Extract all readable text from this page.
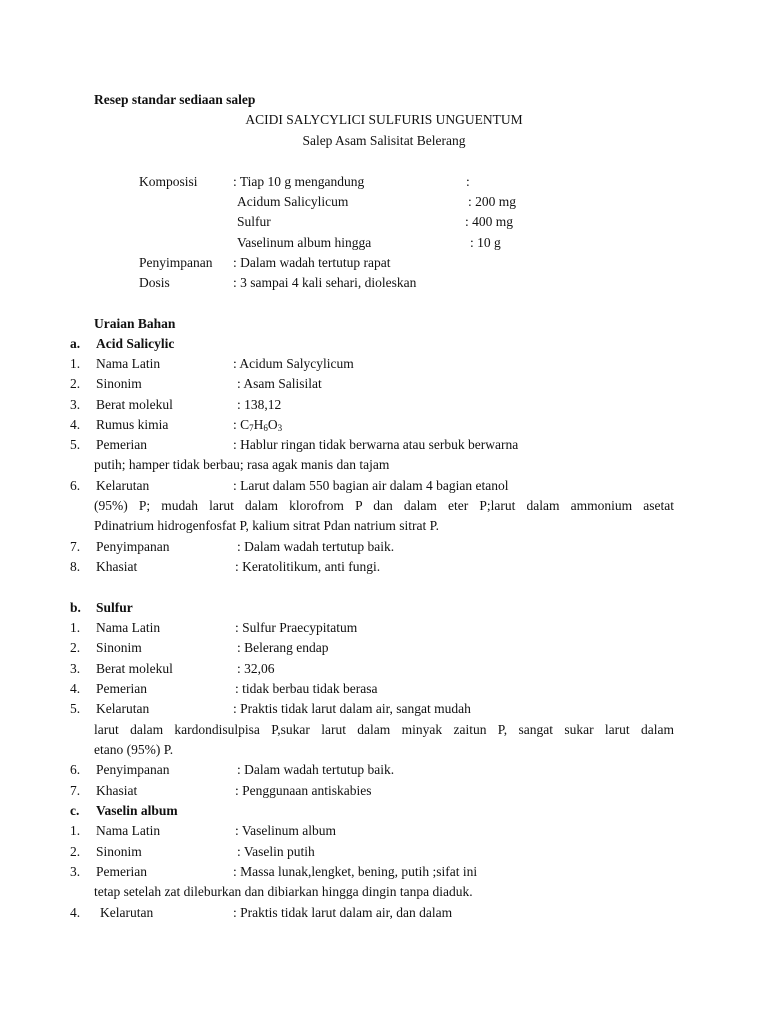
Resep standar sediaan salep
ACIDI SALYCYLICI SULFURIS UNGUENTUM
Salep Asam Salisitat Belerang
Komposisi	: Tiap 10 g mengandung	:
Acidum Salicylicum	: 200 mg
Sulfur	: 400 mg
Vaselinum album hingga	: 10 g
Penyimpanan : Dalam wadah tertutup rapat
Dosis	: 3 sampai 4 kali sehari, dioleskan
Uraian Bahan
a. Acid Salicylic
1. Nama Latin	: Acidum Salycylicum
2. Sinonim	: Asam Salisilat
3. Berat molekul	: 138,12
4. Rumus kimia	: $C_7H_6O_3$
5. Pemerian	: Hablur ringan tidak berwarna atau serbuk berwarna
putih; hamper tidak berbau; rasa agak manis dan tajam
6. Kelarutan	: Larut dalam 550 bagian air dalam 4 bagian etanol
(95%) P; mudah larut dalam klorofrom P dan dalam eter P;larut dalam ammonium asetat
Pdinatrium hidrogenfosfat P, kalium sitrat Pdan natrium sitrat P.
7. Penyimpanan	: Dalam wadah tertutup baik.
8. Khasiat	: Keratolitikum, anti fungi.
b. Sulfur
1. Nama Latin	: Sulfur Praecypitatum
2. Sinonim	: Belerang endap
3. Berat molekul	: 32,06
4. Pemerian	: tidak berbau tidak berasa
5. Kelarutan	: Praktis tidak larut dalam air, sangat mudah
larut dalam kardondisulpisa P,sukar larut dalam minyak zaitun P, sangat sukar larut dalam
etano (95%) P.
6. Penyimpanan	: Dalam wadah tertutup baik.
7. Khasiat	: Penggunaan antiskabies
c. Vaselin album
1. Nama Latin	: Vaselinum album
2. Sinonim	: Vaselin putih
3. Pemerian	: Massa lunak,lengket, bening, putih ;sifat ini
tetap setelah zat dileburkan dan dibiarkan hingga dingin tanpa diaduk.
4. Kelarutan	: Praktis tidak larut dalam air, dan dalam
